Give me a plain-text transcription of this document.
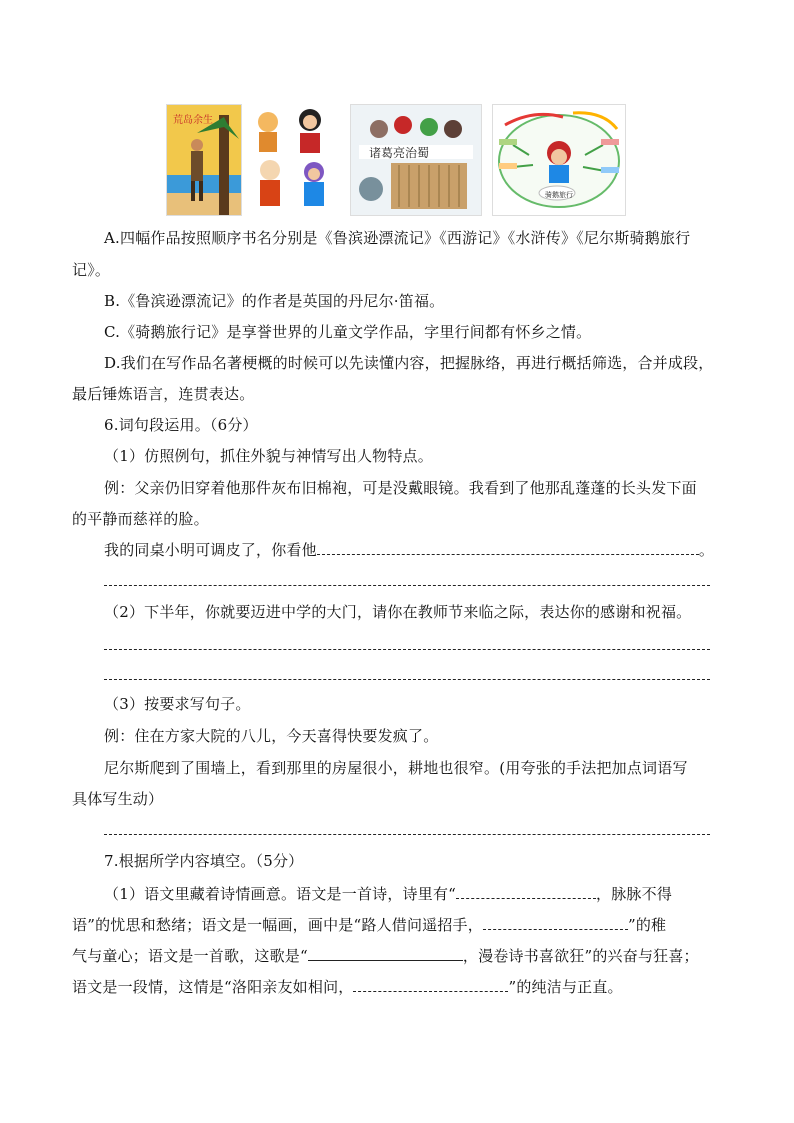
荒岛余生
诸葛亮治蜀
骑鹅旅行
A.四幅作品按照顺序书名分别是《鲁滨逊漂流记》《西游记》《水浒传》《尼尔斯骑鹅旅行
记》。
B.《鲁滨逊漂流记》的作者是英国的丹尼尔·笛福。
C.《骑鹅旅行记》是享誉世界的儿童文学作品，字里行间都有怀乡之情。
D.我们在写作品名著梗概的时候可以先读懂内容，把握脉络，再进行概括筛选，合并成段，
最后锤炼语言，连贯表达。
6.词句段运用。（6分）
（1）仿照例句，抓住外貌与神情写出人物特点。
例：父亲仍旧穿着他那件灰布旧棉袍，可是没戴眼镜。我看到了他那乱蓬蓬的长头发下面
的平静而慈祥的脸。
我的同桌小明可调皮了，你看他	。
（2）下半年，你就要迈进中学的大门，请你在教师节来临之际，表达你的感谢和祝福。
（3）按要求写句子。
例：住在方家大院的八儿，今天喜得快要发疯了。
尼尔斯爬到了围墙上，看到那里的房屋很小，耕地也很窄。(用夸张的手法把加点词语写
具体写生动）
7.根据所学内容填空。（5分）
（1）语文里藏着诗情画意。语文是一首诗，诗里有“	，脉脉不得
语”的忧思和愁绪；语文是一幅画，画中是“路人借问遥招手，	”的稚
气与童心；语文是一首歌，这歌是“	，漫卷诗书喜欲狂”的兴奋与狂喜；
语文是一段情，这情是“洛阳亲友如相问，	”的纯洁与正直。
